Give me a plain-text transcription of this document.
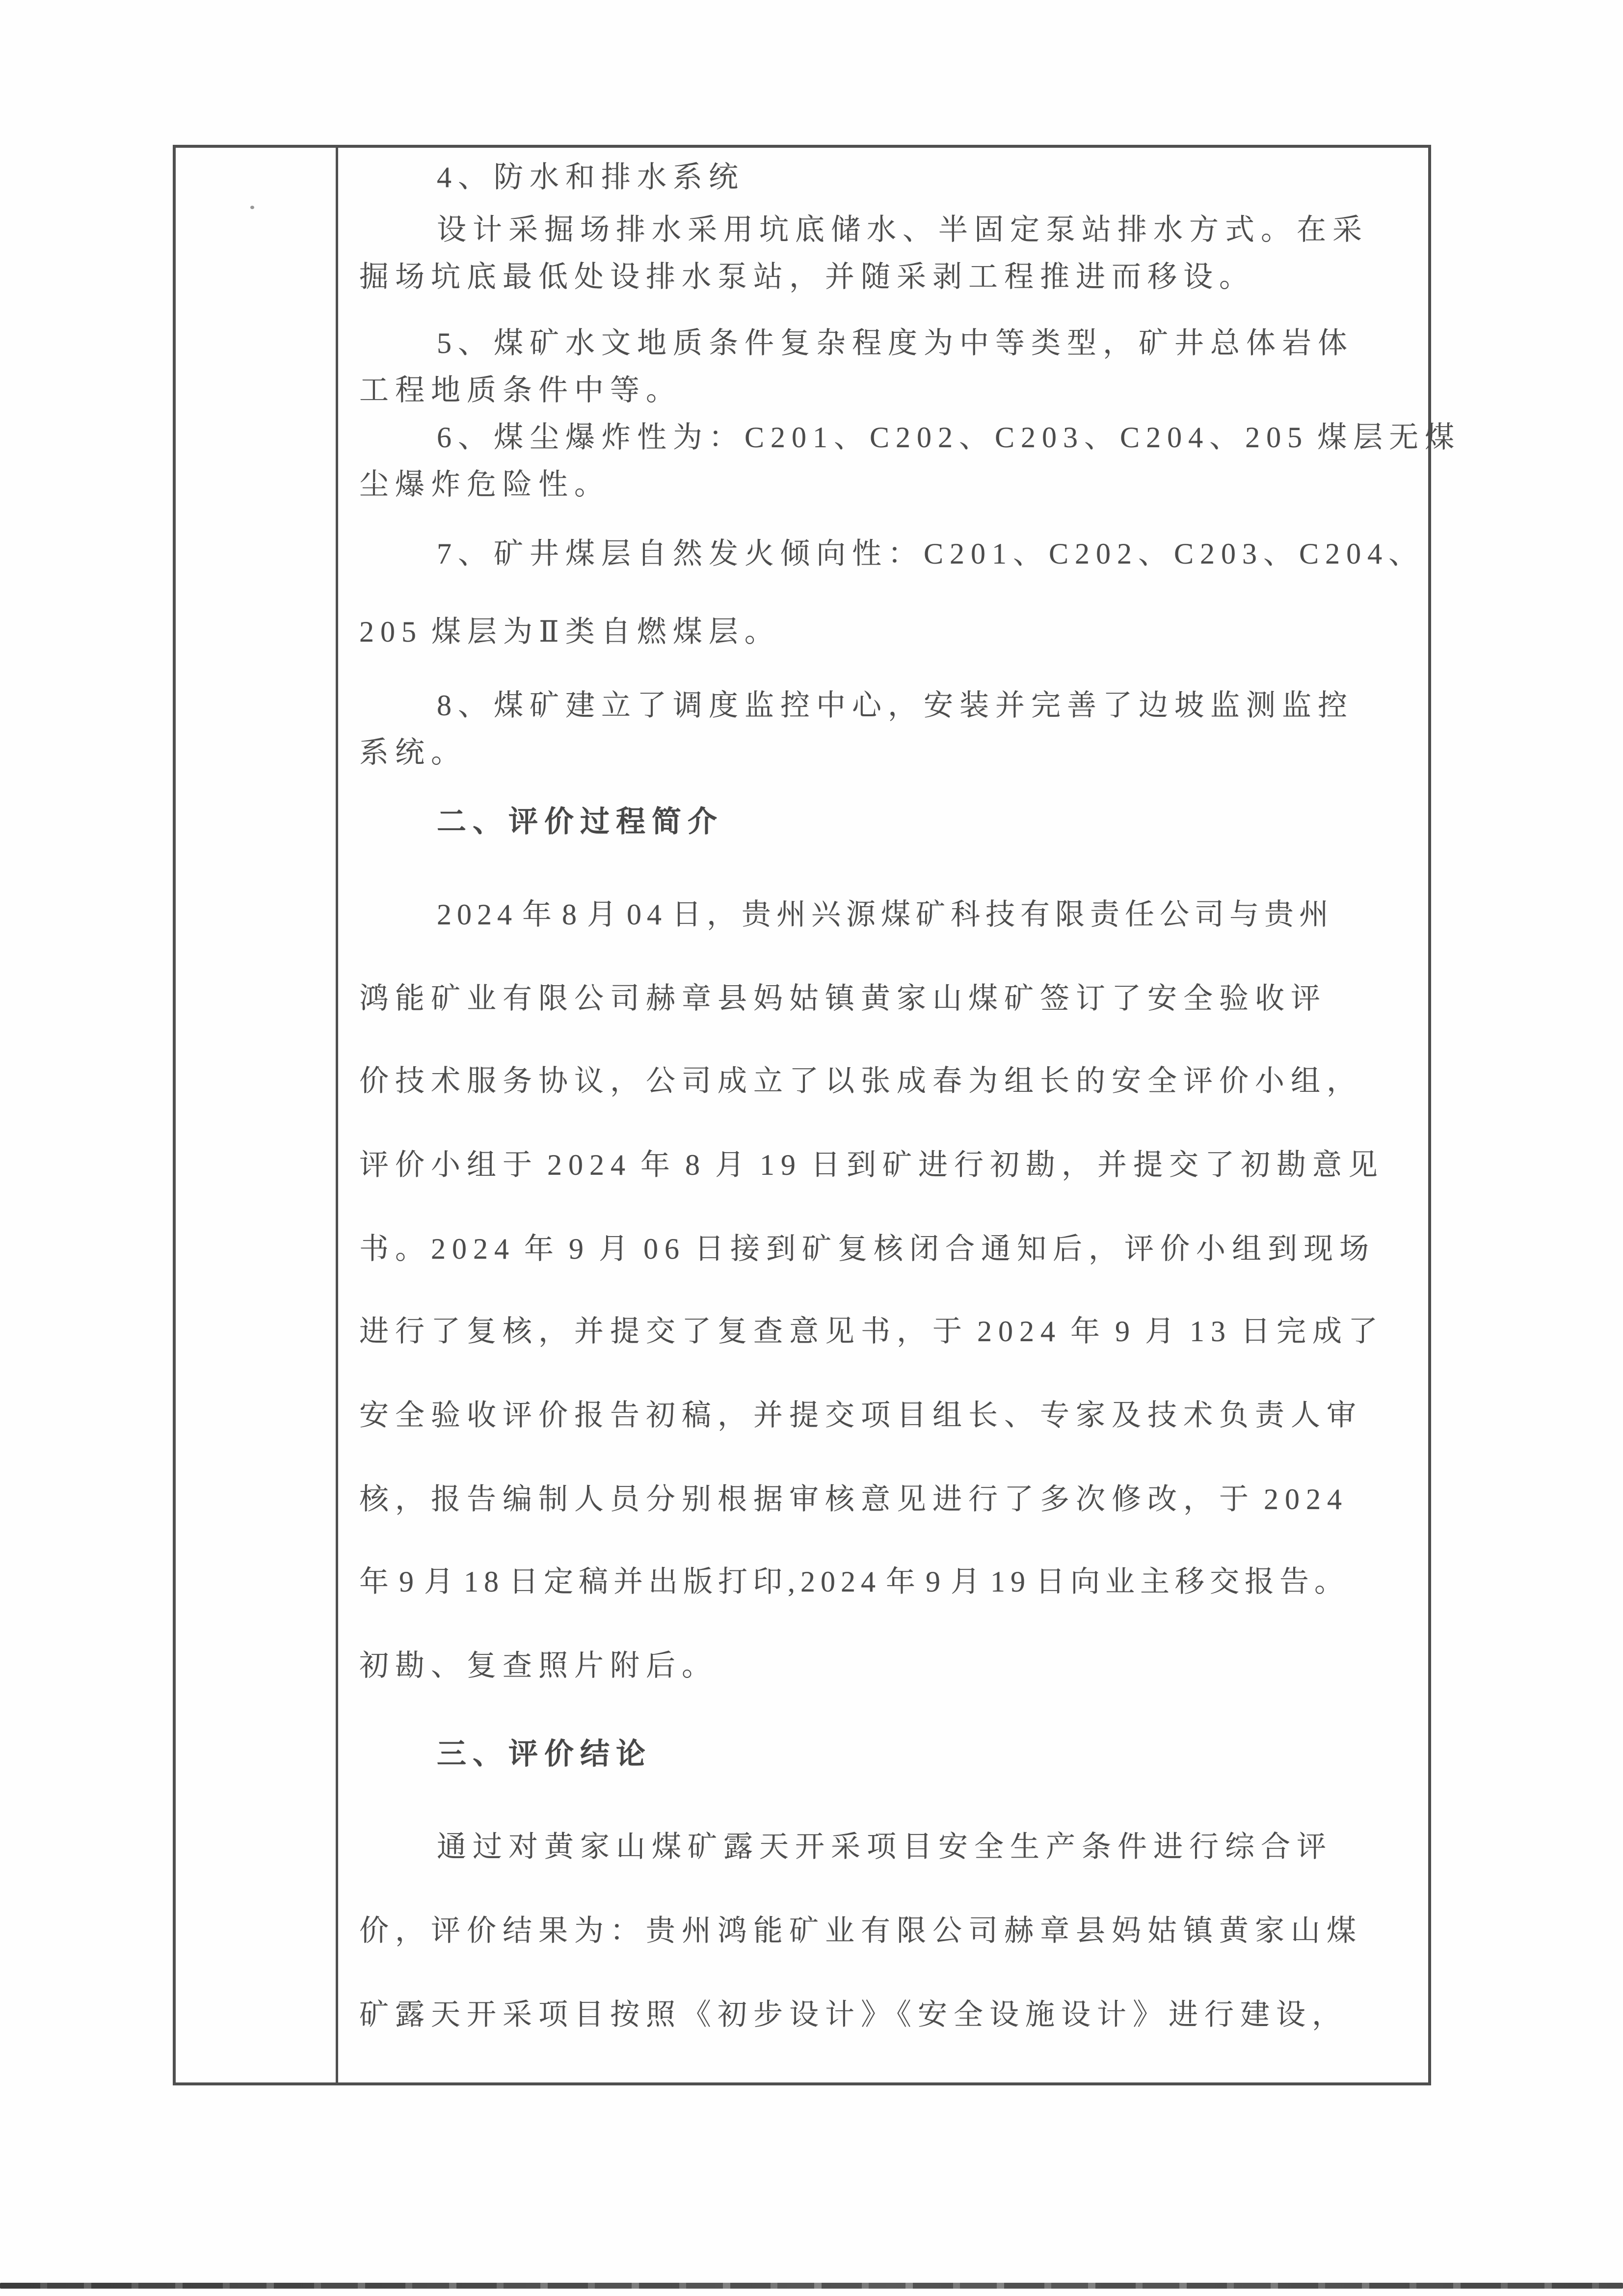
4、防水和排水系统
设计采掘场排水采用坑底储水、半固定泵站排水方式。在采
掘场坑底最低处设排水泵站，并随采剥工程推进而移设。
5、煤矿水文地质条件复杂程度为中等类型，矿井总体岩体
工程地质条件中等。
6、煤尘爆炸性为：C201、C202、C203、C204、205 煤层无煤
尘爆炸危险性。
7、矿井煤层自然发火倾向性：C201、C202、C203、C204、
205 煤层为Ⅱ类自燃煤层。
8、煤矿建立了调度监控中心，安装并完善了边坡监测监控
系统。
二、评价过程简介
2024 年 8 月 04 日，贵州兴源煤矿科技有限责任公司与贵州
鸿能矿业有限公司赫章县妈姑镇黄家山煤矿签订了安全验收评
价技术服务协议，公司成立了以张成春为组长的安全评价小组，
评价小组于 2024 年 8 月 19 日到矿进行初勘，并提交了初勘意见
书。2024 年 9 月 06 日接到矿复核闭合通知后，评价小组到现场
进行了复核，并提交了复查意见书，于 2024 年 9 月 13 日完成了
安全验收评价报告初稿，并提交项目组长、专家及技术负责人审
核，报告编制人员分别根据审核意见进行了多次修改，于 2024
年 9 月 18 日定稿并出版打印,2024 年 9 月 19 日向业主移交报告。
初勘、复查照片附后。
三、评价结论
通过对黄家山煤矿露天开采项目安全生产条件进行综合评
价，评价结果为：贵州鸿能矿业有限公司赫章县妈姑镇黄家山煤
矿露天开采项目按照《初步设计》《安全设施设计》进行建设，
